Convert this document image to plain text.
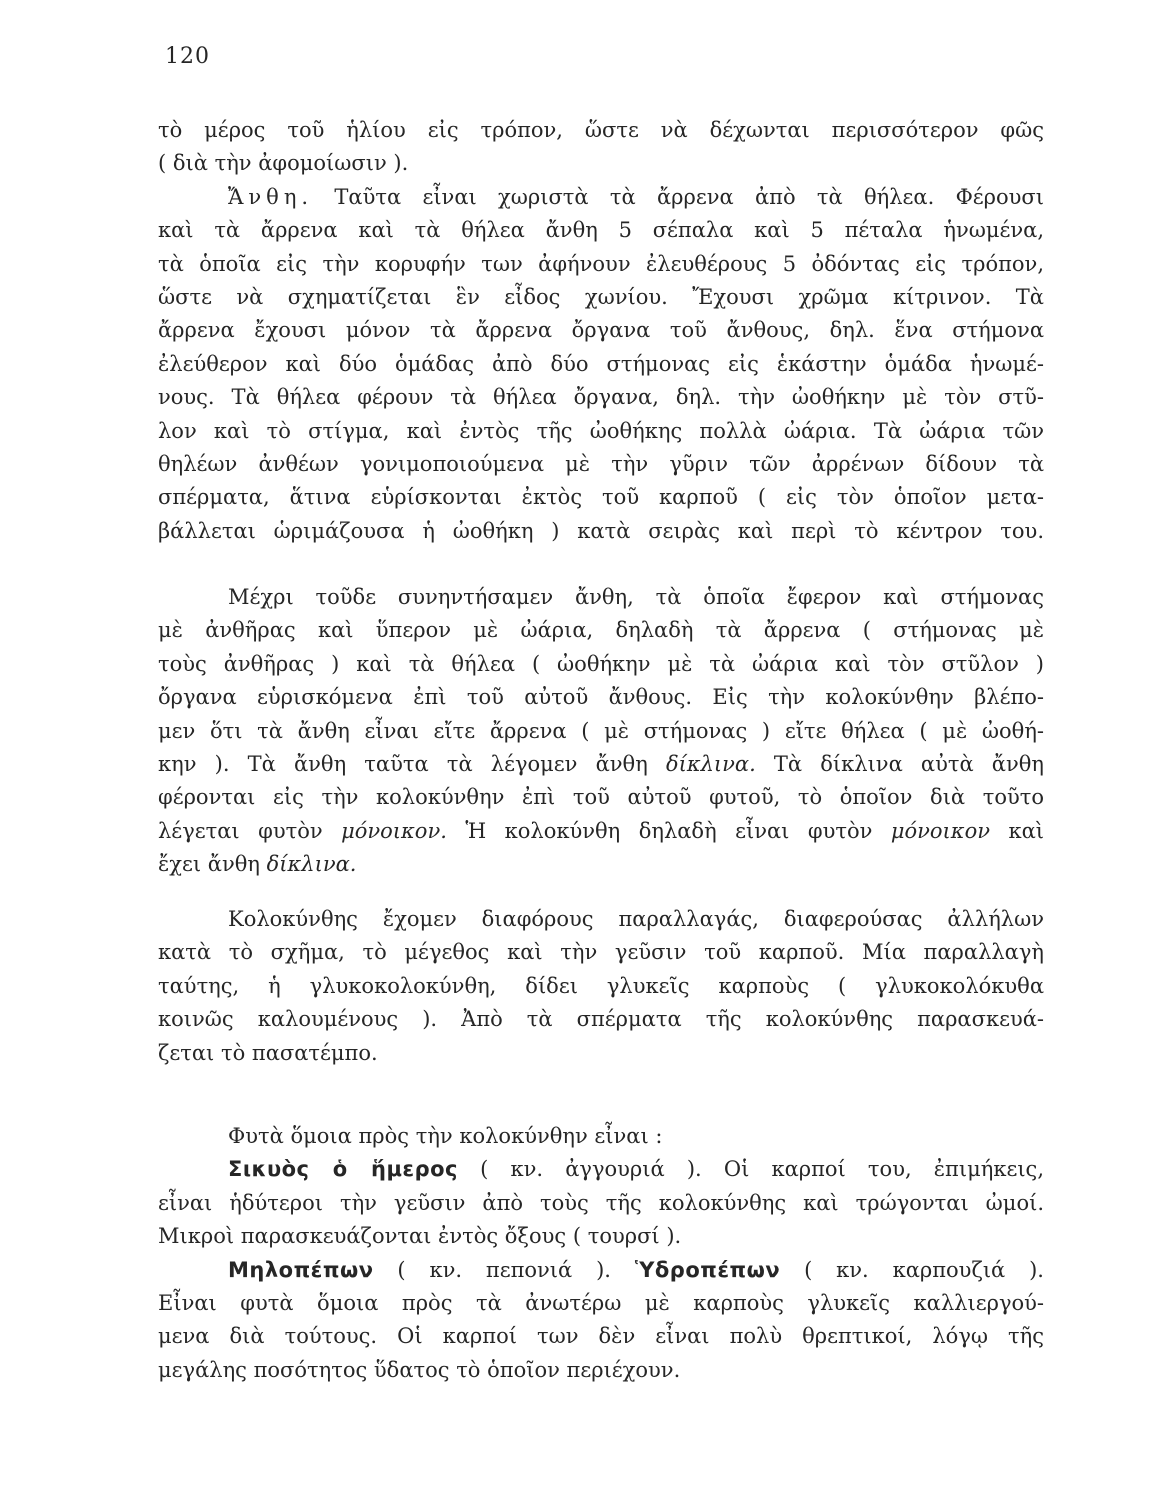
120
τὸ μέρος τοῦ ἡλίου εἰς τρόπον, ὥστε νὰ δέχωνται περισσότερον φῶς
( διὰ τὴν ἀφομοίωσιν ).
Ἄνθη. Ταῦτα εἶναι χωριστὰ τὰ ἄρρενα ἀπὸ τὰ θήλεα. Φέρουσι
καὶ τὰ ἄρρενα καὶ τὰ θήλεα ἄνθη 5 σέπαλα καὶ 5 πέταλα ἡνωμένα,
τὰ ὁποῖα εἰς τὴν κορυφήν των ἀφήνουν ἐλευθέρους 5 ὀδόντας εἰς τρόπον,
ὥστε νὰ σχηματίζεται ἓν εἶδος χωνίου. Ἔχουσι χρῶμα κίτρινον. Τὰ
ἄρρενα ἔχουσι μόνον τὰ ἄρρενα ὄργανα τοῦ ἄνθους, δηλ. ἕνα στήμονα
ἐλεύθερον καὶ δύο ὁμάδας ἀπὸ δύο στήμονας εἰς ἑκάστην ὁμάδα ἡνωμέ-
νους. Τὰ θήλεα φέρουν τὰ θήλεα ὄργανα, δηλ. τὴν ὠοθήκην μὲ τὸν στῦ-
λον καὶ τὸ στίγμα, καὶ ἐντὸς τῆς ὠοθήκης πολλὰ ὠάρια. Τὰ ὠάρια τῶν
θηλέων ἀνθέων γονιμοποιούμενα μὲ τὴν γῦριν τῶν ἀρρένων δίδουν τὰ
σπέρματα, ἅτινα εὑρίσκονται ἐκτὸς τοῦ καρποῦ ( εἰς τὸν ὁποῖον μετα-
βάλλεται ὡριμάζουσα ἡ ὠοθήκη ) κατὰ σειρὰς καὶ περὶ τὸ κέντρον του.
Μέχρι τοῦδε συνηντήσαμεν ἄνθη, τὰ ὁποῖα ἔφερον καὶ στήμονας
μὲ ἀνθῆρας καὶ ὕπερον μὲ ὠάρια, δηλαδὴ τὰ ἄρρενα ( στήμονας μὲ
τοὺς ἀνθῆρας ) καὶ τὰ θήλεα ( ὠοθήκην μὲ τὰ ὠάρια καὶ τὸν στῦλον )
ὄργανα εὑρισκόμενα ἐπὶ τοῦ αὐτοῦ ἄνθους. Εἰς τὴν κολοκύνθην βλέπο-
μεν ὅτι τὰ ἄνθη εἶναι εἴτε ἄρρενα ( μὲ στήμονας ) εἴτε θήλεα ( μὲ ὠοθή-
κην ). Τὰ ἄνθη ταῦτα τὰ λέγομεν ἄνθη δίκλινα. Τὰ δίκλινα αὐτὰ ἄνθη
φέρονται εἰς τὴν κολοκύνθην ἐπὶ τοῦ αὐτοῦ φυτοῦ, τὸ ὁποῖον διὰ τοῦτο
λέγεται φυτὸν μόνοικον. Ἡ κολοκύνθη δηλαδὴ εἶναι φυτὸν μόνοικον καὶ
ἔχει ἄνθη δίκλινα.
Κολοκύνθης ἔχομεν διαφόρους παραλλαγάς, διαφερούσας ἀλλήλων
κατὰ τὸ σχῆμα, τὸ μέγεθος καὶ τὴν γεῦσιν τοῦ καρποῦ. Μία παραλλαγὴ
ταύτης, ἡ γλυκοκολοκύνθη, δίδει γλυκεῖς καρποὺς ( γλυκοκολόκυθα
κοινῶς καλουμένους ). Ἀπὸ τὰ σπέρματα τῆς κολοκύνθης παρασκευά-
ζεται τὸ πασατέμπο.
Φυτὰ ὅμοια πρὸς τὴν κολοκύνθην εἶναι :
Σικυὸς ὁ ἥμερος ( κν. ἀγγουριά ). Οἱ καρποί του, ἐπιμήκεις,
εἶναι ἡδύτεροι τὴν γεῦσιν ἀπὸ τοὺς τῆς κολοκύνθης καὶ τρώγονται ὠμοί.
Μικροὶ παρασκευάζονται ἐντὸς ὄξους ( τουρσί ).
Μηλοπέπων ( κν. πεπονιά ). Ὑδροπέπων ( κν. καρπουζιά ).
Εἶναι φυτὰ ὅμοια πρὸς τὰ ἀνωτέρω μὲ καρποὺς γλυκεῖς καλλιεργού-
μενα διὰ τούτους. Οἱ καρποί των δὲν εἶναι πολὺ θρεπτικοί, λόγῳ τῆς
μεγάλης ποσότητος ὕδατος τὸ ὁποῖον περιέχουν.
